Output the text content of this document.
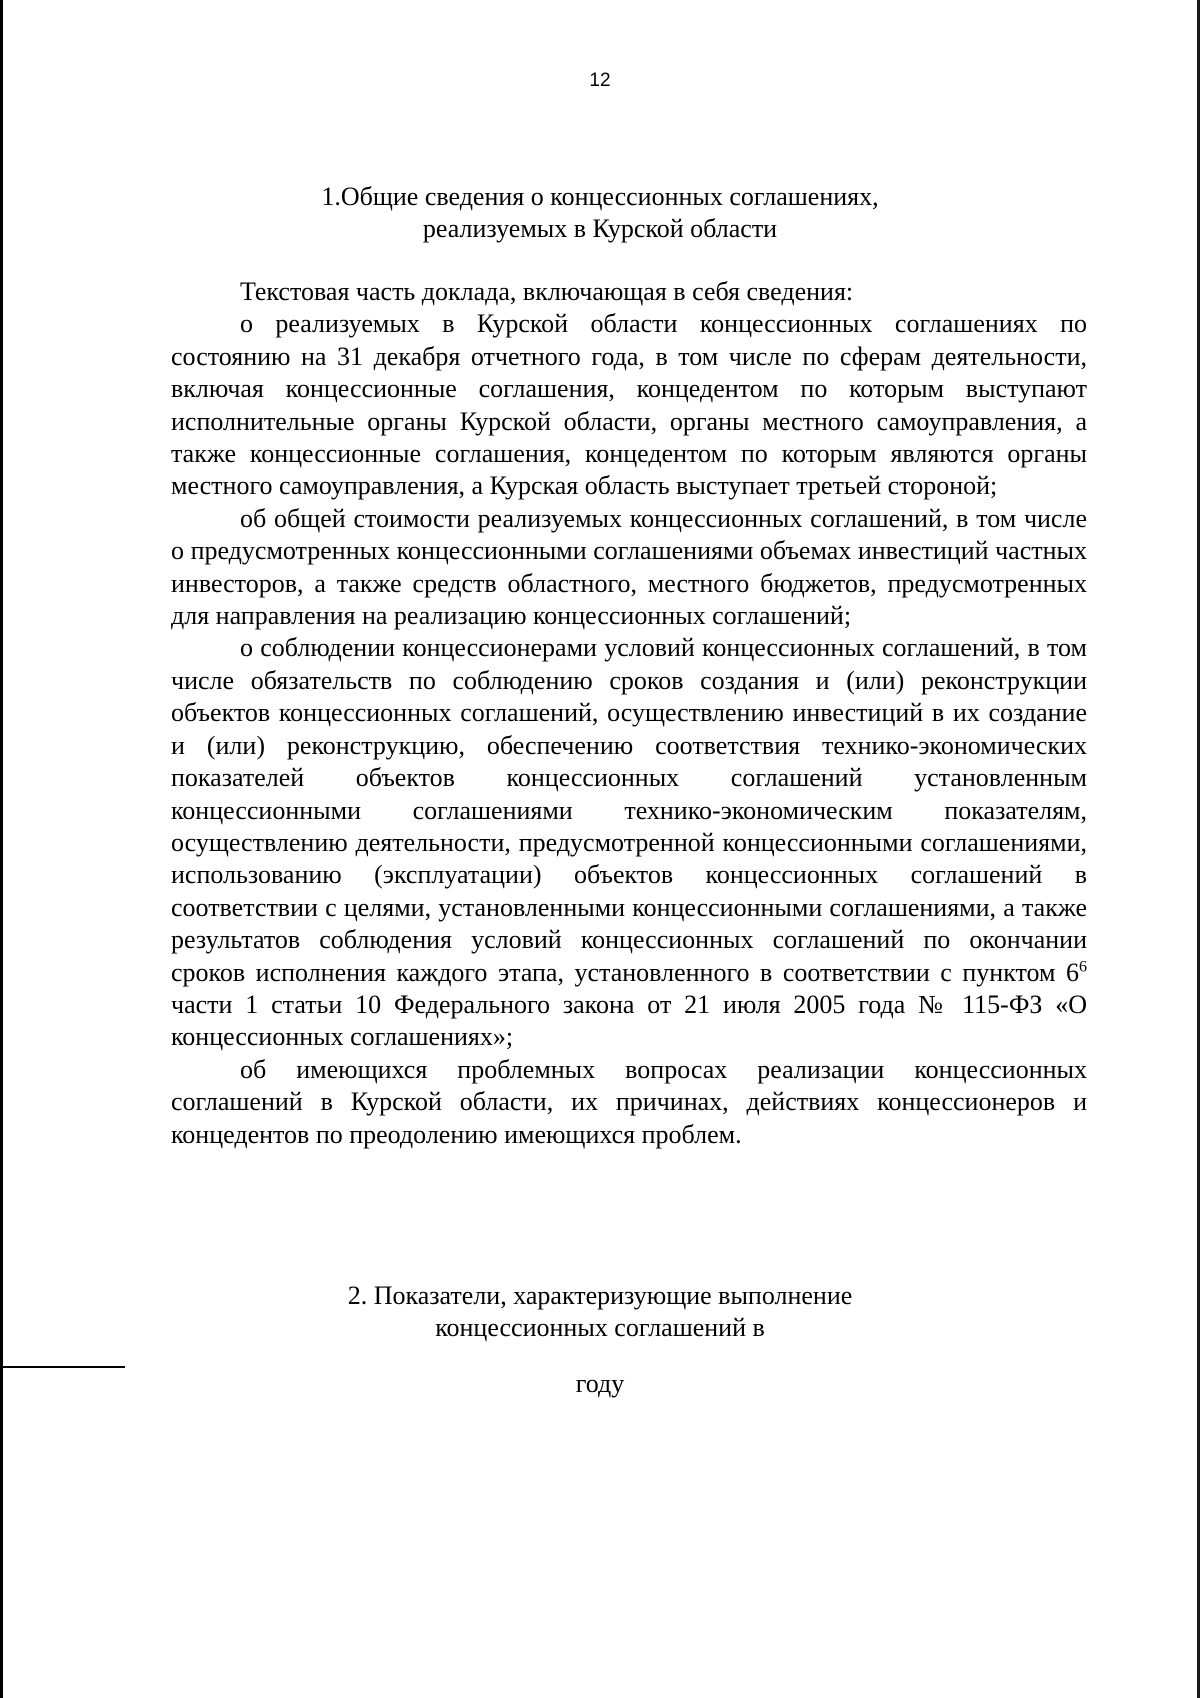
12
1.Общие сведения о концессионных соглашениях,
реализуемых в Курской области

Текстовая часть доклада, включающая в себя сведения:

о реализуемых в Курской области концессионных соглашениях по состоянию на 31 декабря отчетного года, в том числе по сферам деятельности, включая концессионные соглашения, концедентом по которым выступают исполнительные органы Курской области, органы местного самоуправления, а также концессионные соглашения, концедентом по которым являются органы местного самоуправления, а Курская область выступает третьей стороной;

об общей стоимости реализуемых концессионных соглашений, в том числе о предусмотренных концессионными соглашениями объемах инвестиций частных инвесторов, а также средств областного, местного бюджетов, предусмотренных для направления на реализацию концессионных соглашений;

о соблюдении концессионерами условий концессионных соглашений, в том числе обязательств по соблюдению сроков создания и (или) реконструкции объектов концессионных соглашений, осуществлению инвестиций в их создание и (или) реконструкцию, обеспечению соответствия технико-экономических показателей объектов концессионных соглашений установленным концессионными соглашениями технико-экономическим показателям, осуществлению деятельности, предусмотренной концессионными соглашениями, использованию (эксплуатации) объектов концессионных соглашений в соответствии с целями, установленными концессионными соглашениями, а также результатов соблюдения условий концессионных соглашений по окончании сроков исполнения каждого этапа, установленного в соответствии с пунктом $6^6$ части 1 статьи 10 Федерального закона от 21 июля 2005 года № 115-ФЗ «О концессионных соглашениях»;

об имеющихся проблемных вопросах реализации концессионных соглашений в Курской области, их причинах, действиях концессионеров и концедентов по преодолению имеющихся проблем.

2. Показатели, характеризующие выполнение
концессионных соглашений в
году
